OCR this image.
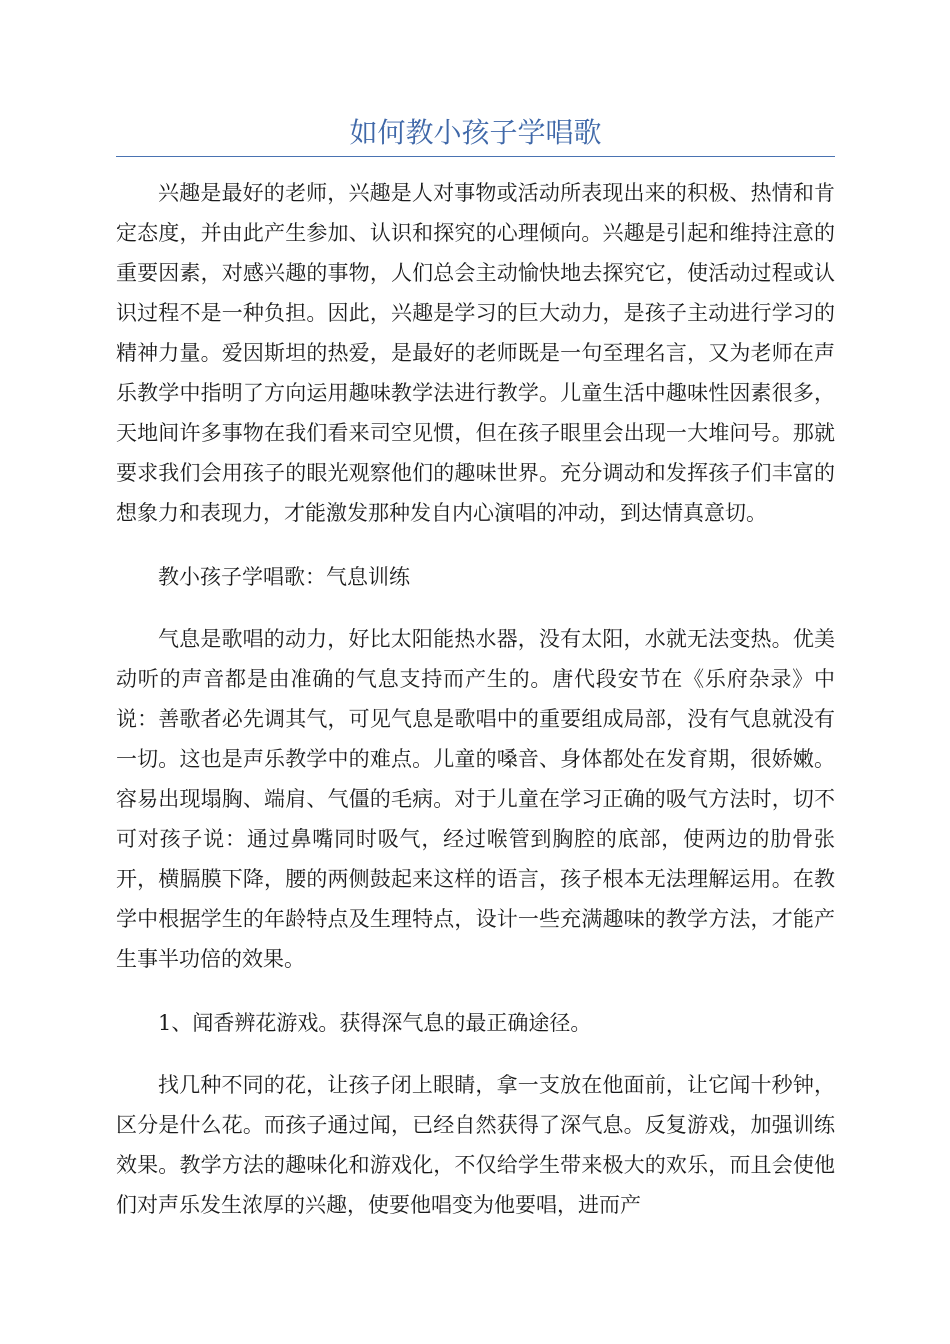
如何教小孩子学唱歌

兴趣是最好的老师，兴趣是人对事物或活动所表现出来的积极、热情和肯定态度，并由此产生参加、认识和探究的心理倾向。兴趣是引起和维持注意的重要因素，对感兴趣的事物，人们总会主动愉快地去探究它，使活动过程或认识过程不是一种负担。因此，兴趣是学习的巨大动力，是孩子主动进行学习的精神力量。爱因斯坦的热爱，是最好的老师既是一句至理名言，又为老师在声乐教学中指明了方向运用趣味教学法进行教学。儿童生活中趣味性因素很多，天地间许多事物在我们看来司空见惯，但在孩子眼里会出现一大堆问号。那就要求我们会用孩子的眼光观察他们的趣味世界。充分调动和发挥孩子们丰富的想象力和表现力，才能激发那种发自内心演唱的冲动，到达情真意切。

教小孩子学唱歌：气息训练

气息是歌唱的动力，好比太阳能热水器，没有太阳，水就无法变热。优美动听的声音都是由准确的气息支持而产生的。唐代段安节在《乐府杂录》中说：善歌者必先调其气，可见气息是歌唱中的重要组成局部，没有气息就没有一切。这也是声乐教学中的难点。儿童的嗓音、身体都处在发育期，很娇嫩。容易出现塌胸、端肩、气僵的毛病。对于儿童在学习正确的吸气方法时，切不可对孩子说：通过鼻嘴同时吸气，经过喉管到胸腔的底部，使两边的肋骨张开，横膈膜下降，腰的两侧鼓起来这样的语言，孩子根本无法理解运用。在教学中根据学生的年龄特点及生理特点，设计一些充满趣味的教学方法，才能产生事半功倍的效果。

1、闻香辨花游戏。获得深气息的最正确途径。

找几种不同的花，让孩子闭上眼睛，拿一支放在他面前，让它闻十秒钟，区分是什么花。而孩子通过闻，已经自然获得了深气息。反复游戏，加强训练效果。教学方法的趣味化和游戏化，不仅给学生带来极大的欢乐，而且会使他们对声乐发生浓厚的兴趣，使要他唱变为他要唱，进而产
